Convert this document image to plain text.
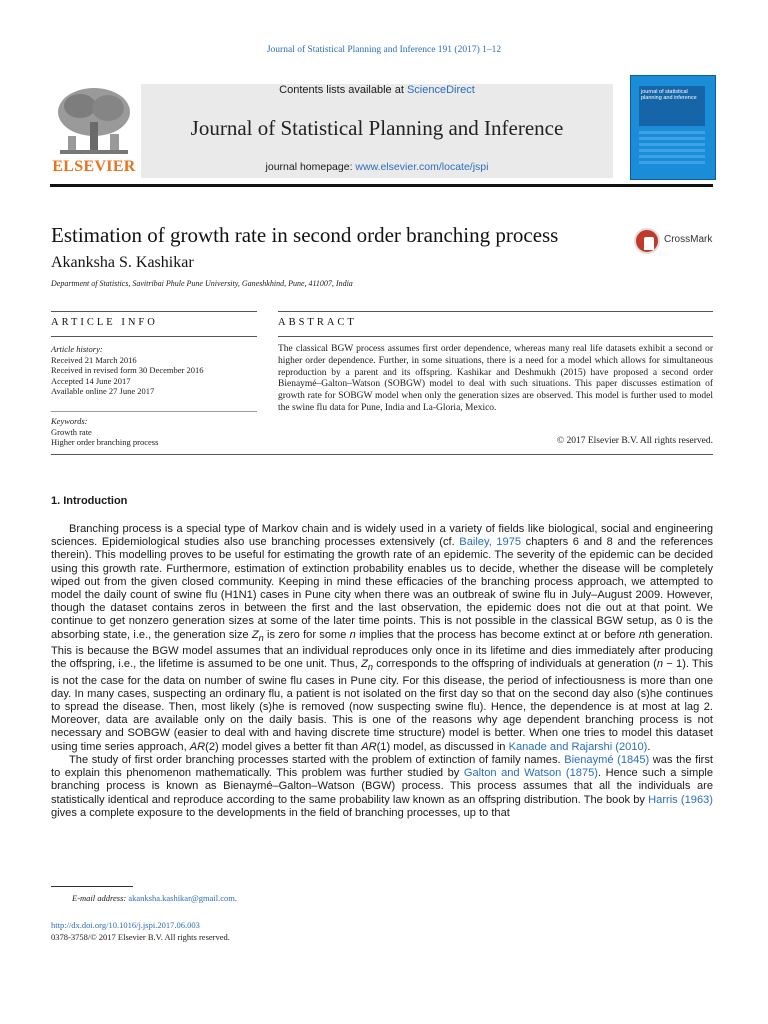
Journal of Statistical Planning and Inference 191 (2017) 1–12
ELSEVIER
Contents lists available at ScienceDirect
Journal of Statistical Planning and Inference
journal homepage: www.elsevier.com/locate/jspi
journal of statistical planning and inference
Estimation of growth rate in second order branching process	CrossMark
Akanksha S. Kashikar
Department of Statistics, Savitribai Phule Pune University, Ganeshkhind, Pune, 411007, India
ARTICLE INFO
Article history:
Received 21 March 2016
Received in revised form 30 December 2016
Accepted 14 June 2017
Available online 27 June 2017
Keywords:
Growth rate
Higher order branching process
ABSTRACT
The classical BGW process assumes first order dependence, whereas many real life datasets exhibit a second or higher order dependence. Further, in some situations, there is a need for a model which allows for simultaneous reproduction by a parent and its offspring. Kashikar and Deshmukh (2015) have proposed a second order Bienaymé–Galton–Watson (SOBGW) model to deal with such situations. This paper discusses estimation of growth rate for SOBGW model when only the generation sizes are observed. This model is further used to model the swine flu data for Pune, India and La-Gloria, Mexico.
© 2017 Elsevier B.V. All rights reserved.
1. Introduction

Branching process is a special type of Markov chain and is widely used in a variety of fields like biological, social and engineering sciences. Epidemiological studies also use branching processes extensively (cf. Bailey, 1975 chapters 6 and 8 and the references therein). This modelling proves to be useful for estimating the growth rate of an epidemic. The severity of the epidemic can be decided using this growth rate. Furthermore, estimation of extinction probability enables us to decide, whether the disease will be completely wiped out from the given closed community. Keeping in mind these efficacies of the branching process approach, we attempted to model the daily count of swine flu (H1N1) cases in Pune city when there was an outbreak of swine flu in July–August 2009. However, though the dataset contains zeros in between the first and the last observation, the epidemic does not die out at that point. We continue to get nonzero generation sizes at some of the later time points. This is not possible in the classical BGW setup, as 0 is the absorbing state, i.e., the generation size $Z_n$ is zero for some n implies that the process has become extinct at or before nth generation. This is because the BGW model assumes that an individual reproduces only once in its lifetime and dies immediately after producing the offspring, i.e., the lifetime is assumed to be one unit. Thus, $Z_n$ corresponds to the offspring of individuals at generation (n − 1). This is not the case for the data on number of swine flu cases in Pune city. For this disease, the period of infectiousness is more than one day. In many cases, suspecting an ordinary flu, a patient is not isolated on the first day so that on the second day also (s)he continues to spread the disease. Then, most likely (s)he is removed (now suspecting swine flu). Hence, the dependence is at most at lag 2. Moreover, data are available only on the daily basis. This is one of the reasons why age dependent branching process is not necessary and SOBGW (easier to deal with and having discrete time structure) model is better. When one tries to model this dataset using time series approach, AR(2) model gives a better fit than AR(1) model, as discussed in Kanade and Rajarshi (2010).

The study of first order branching processes started with the problem of extinction of family names. Bienaymé (1845) was the first to explain this phenomenon mathematically. This problem was further studied by Galton and Watson (1875). Hence such a simple branching process is known as Bienaymé–Galton–Watson (BGW) process. This process assumes that all the individuals are statistically identical and reproduce according to the same probability law known as an offspring distribution. The book by Harris (1963) gives a complete exposure to the developments in the field of branching processes, up to that

E-mail address: akanksha.kashikar@gmail.com.
http://dx.doi.org/10.1016/j.jspi.2017.06.003
0378-3758/© 2017 Elsevier B.V. All rights reserved.
